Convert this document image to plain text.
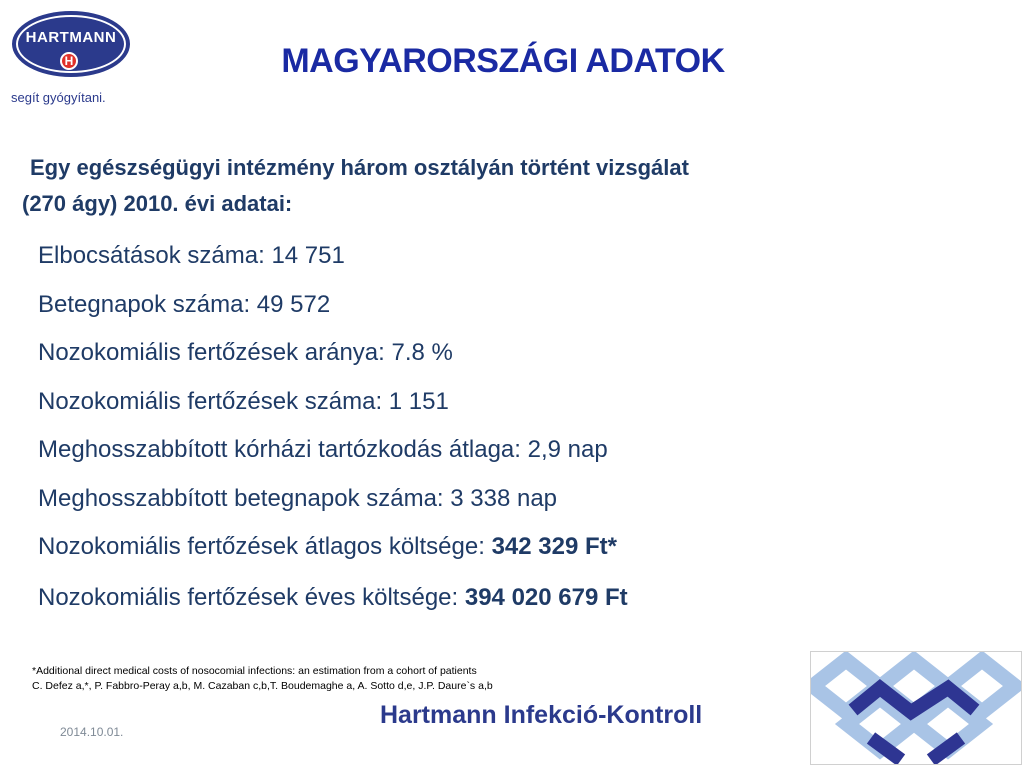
HARTMANN
H
segít gyógyítani.
MAGYARORSZÁGI ADATOK
Egy egészségügyi intézmény három osztályán történt vizsgálat
(270 ágy) 2010. évi adatai:
Elbocsátások száma: 14 751
Betegnapok száma: 49 572
Nozokomiális fertőzések aránya: 7.8 %
Nozokomiális fertőzések száma: 1 151
Meghosszabbított kórházi tartózkodás átlaga: 2,9 nap
Meghosszabbított betegnapok száma: 3 338 nap
Nozokomiális fertőzések átlagos költsége: 342 329 Ft*
Nozokomiális fertőzések éves költsége: 394 020 679 Ft
*Additional direct medical costs of nosocomial infections: an estimation from a cohort of patients
C. Defez a,*, P. Fabbro-Peray a,b, M. Cazaban c,b,T. Boudemaghe a, A. Sotto d,e, J.P. Daure`s a,b
2014.10.01.
Hartmann Infekció-Kontroll
